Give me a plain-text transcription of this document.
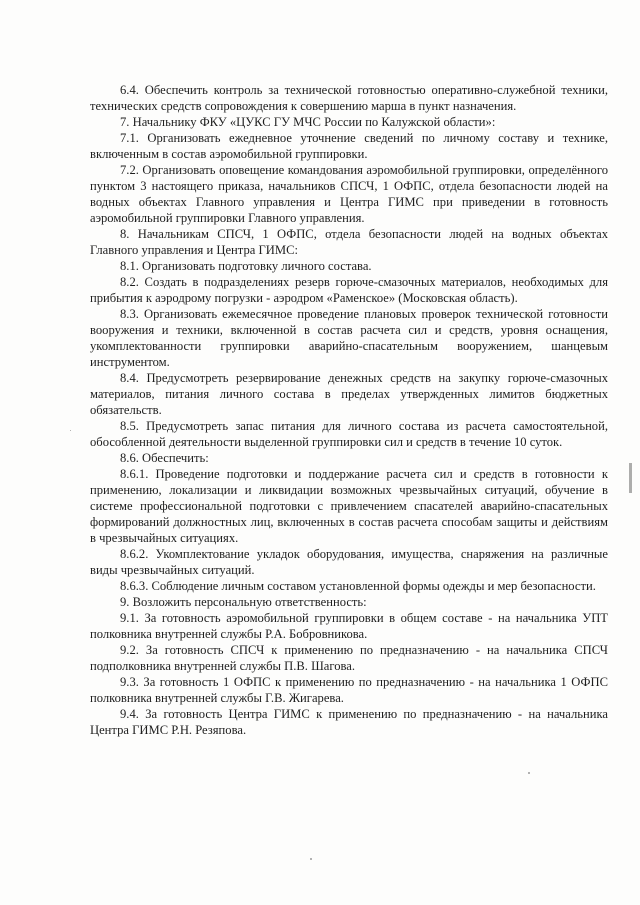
6.4. Обеспечить контроль за технической готовностью оперативно-служебной техники, технических средств сопровождения к совершению марша в пункт назначения.

7. Начальнику ФКУ «ЦУКС ГУ МЧС России по Калужской области»:

7.1. Организовать ежедневное уточнение сведений по личному составу и технике, включенным в состав аэромобильной группировки.

7.2. Организовать оповещение командования аэромобильной группировки, определённого пунктом 3 настоящего приказа, начальников СПСЧ, 1 ОФПС, отдела безопасности людей на водных объектах Главного управления и Центра ГИМС при приведении в готовность аэромобильной группировки Главного управления.

8. Начальникам СПСЧ, 1 ОФПС, отдела безопасности людей на водных объектах Главного управления и Центра ГИМС:

8.1. Организовать подготовку личного состава.

8.2. Создать в подразделениях резерв горюче-смазочных материалов, необходимых для прибытия к аэродрому погрузки - аэродром «Раменское» (Московская область).

8.3. Организовать ежемесячное проведение плановых проверок технической готовности вооружения и техники, включенной в состав расчета сил и средств, уровня оснащения, укомплектованности группировки аварийно-спасательным вооружением, шанцевым инструментом.

8.4. Предусмотреть резервирование денежных средств на закупку горюче-смазочных материалов, питания личного состава в пределах утвержденных лимитов бюджетных обязательств.

8.5. Предусмотреть запас питания для личного состава из расчета самостоятельной, обособленной деятельности выделенной группировки сил и средств в течение 10 суток.

8.6. Обеспечить:

8.6.1. Проведение подготовки и поддержание расчета сил и средств в готовности к применению, локализации и ликвидации возможных чрезвычайных ситуаций, обучение в системе профессиональной подготовки с привлечением спасателей аварийно-спасательных формирований должностных лиц, включенных в состав расчета способам защиты и действиям в чрезвычайных ситуациях.

8.6.2. Укомплектование укладок оборудования, имущества, снаряжения на различные виды чрезвычайных ситуаций.

8.6.3. Соблюдение личным составом установленной формы одежды и мер безопасности.

9. Возложить персональную ответственность:

9.1. За готовность аэромобильной группировки в общем составе - на начальника УПТ полковника внутренней службы Р.А. Бобровникова.

9.2. За готовность СПСЧ к применению по предназначению - на начальника СПСЧ подполковника внутренней службы П.В. Шагова.

9.3. За готовность 1 ОФПС к применению по предназначению - на начальника 1 ОФПС полковника внутренней службы Г.В. Жигарева.

9.4. За готовность Центра ГИМС к применению по предназначению - на начальника Центра ГИМС Р.Н. Резяпова.
